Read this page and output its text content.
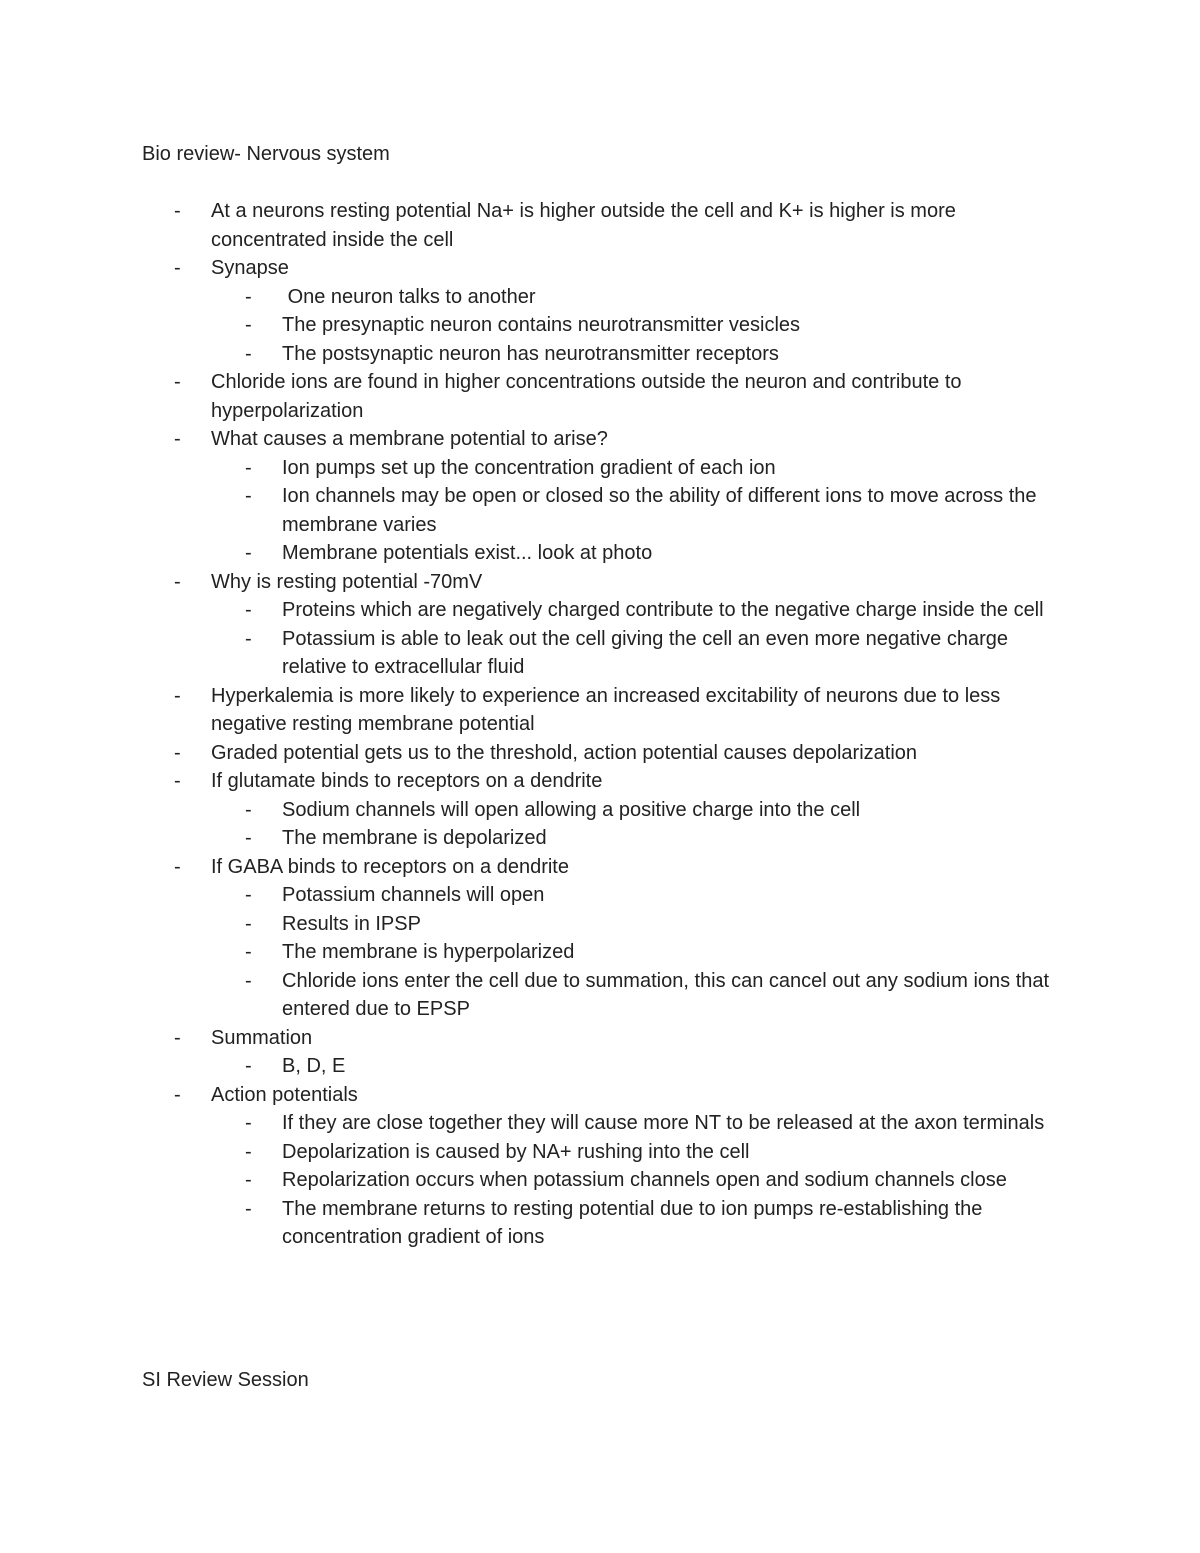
Bio review- Nervous system
- At a neurons resting potential Na+ is higher outside the cell and K+ is higher is more concentrated inside the cell
- Synapse
- One neuron talks to another
- The presynaptic neuron contains neurotransmitter vesicles
- The postsynaptic neuron has neurotransmitter receptors
- Chloride ions are found in higher concentrations outside the neuron and contribute to hyperpolarization
- What causes a membrane potential to arise?
- Ion pumps set up the concentration gradient of each ion
- Ion channels may be open or closed so the ability of different ions to move across the membrane varies
- Membrane potentials exist... look at photo
- Why is resting potential -70mV
- Proteins which are negatively charged contribute to the negative charge inside the cell
- Potassium is able to leak out the cell giving the cell an even more negative charge relative to extracellular fluid
- Hyperkalemia is more likely to experience an increased excitability of neurons due to less negative resting membrane potential
- Graded potential gets us to the threshold, action potential causes depolarization
- If glutamate binds to receptors on a dendrite
- Sodium channels will open allowing a positive charge into the cell
- The membrane is depolarized
- If GABA binds to receptors on a dendrite
- Potassium channels will open
- Results in IPSP
- The membrane is hyperpolarized
- Chloride ions enter the cell due to summation, this can cancel out any sodium ions that entered due to EPSP
- Summation
- B, D, E
- Action potentials
- If they are close together they will cause more NT to be released at the axon terminals
- Depolarization is caused by NA+ rushing into the cell
- Repolarization occurs when potassium channels open and sodium channels close
- The membrane returns to resting potential due to ion pumps re-establishing the concentration gradient of ions
SI Review Session
